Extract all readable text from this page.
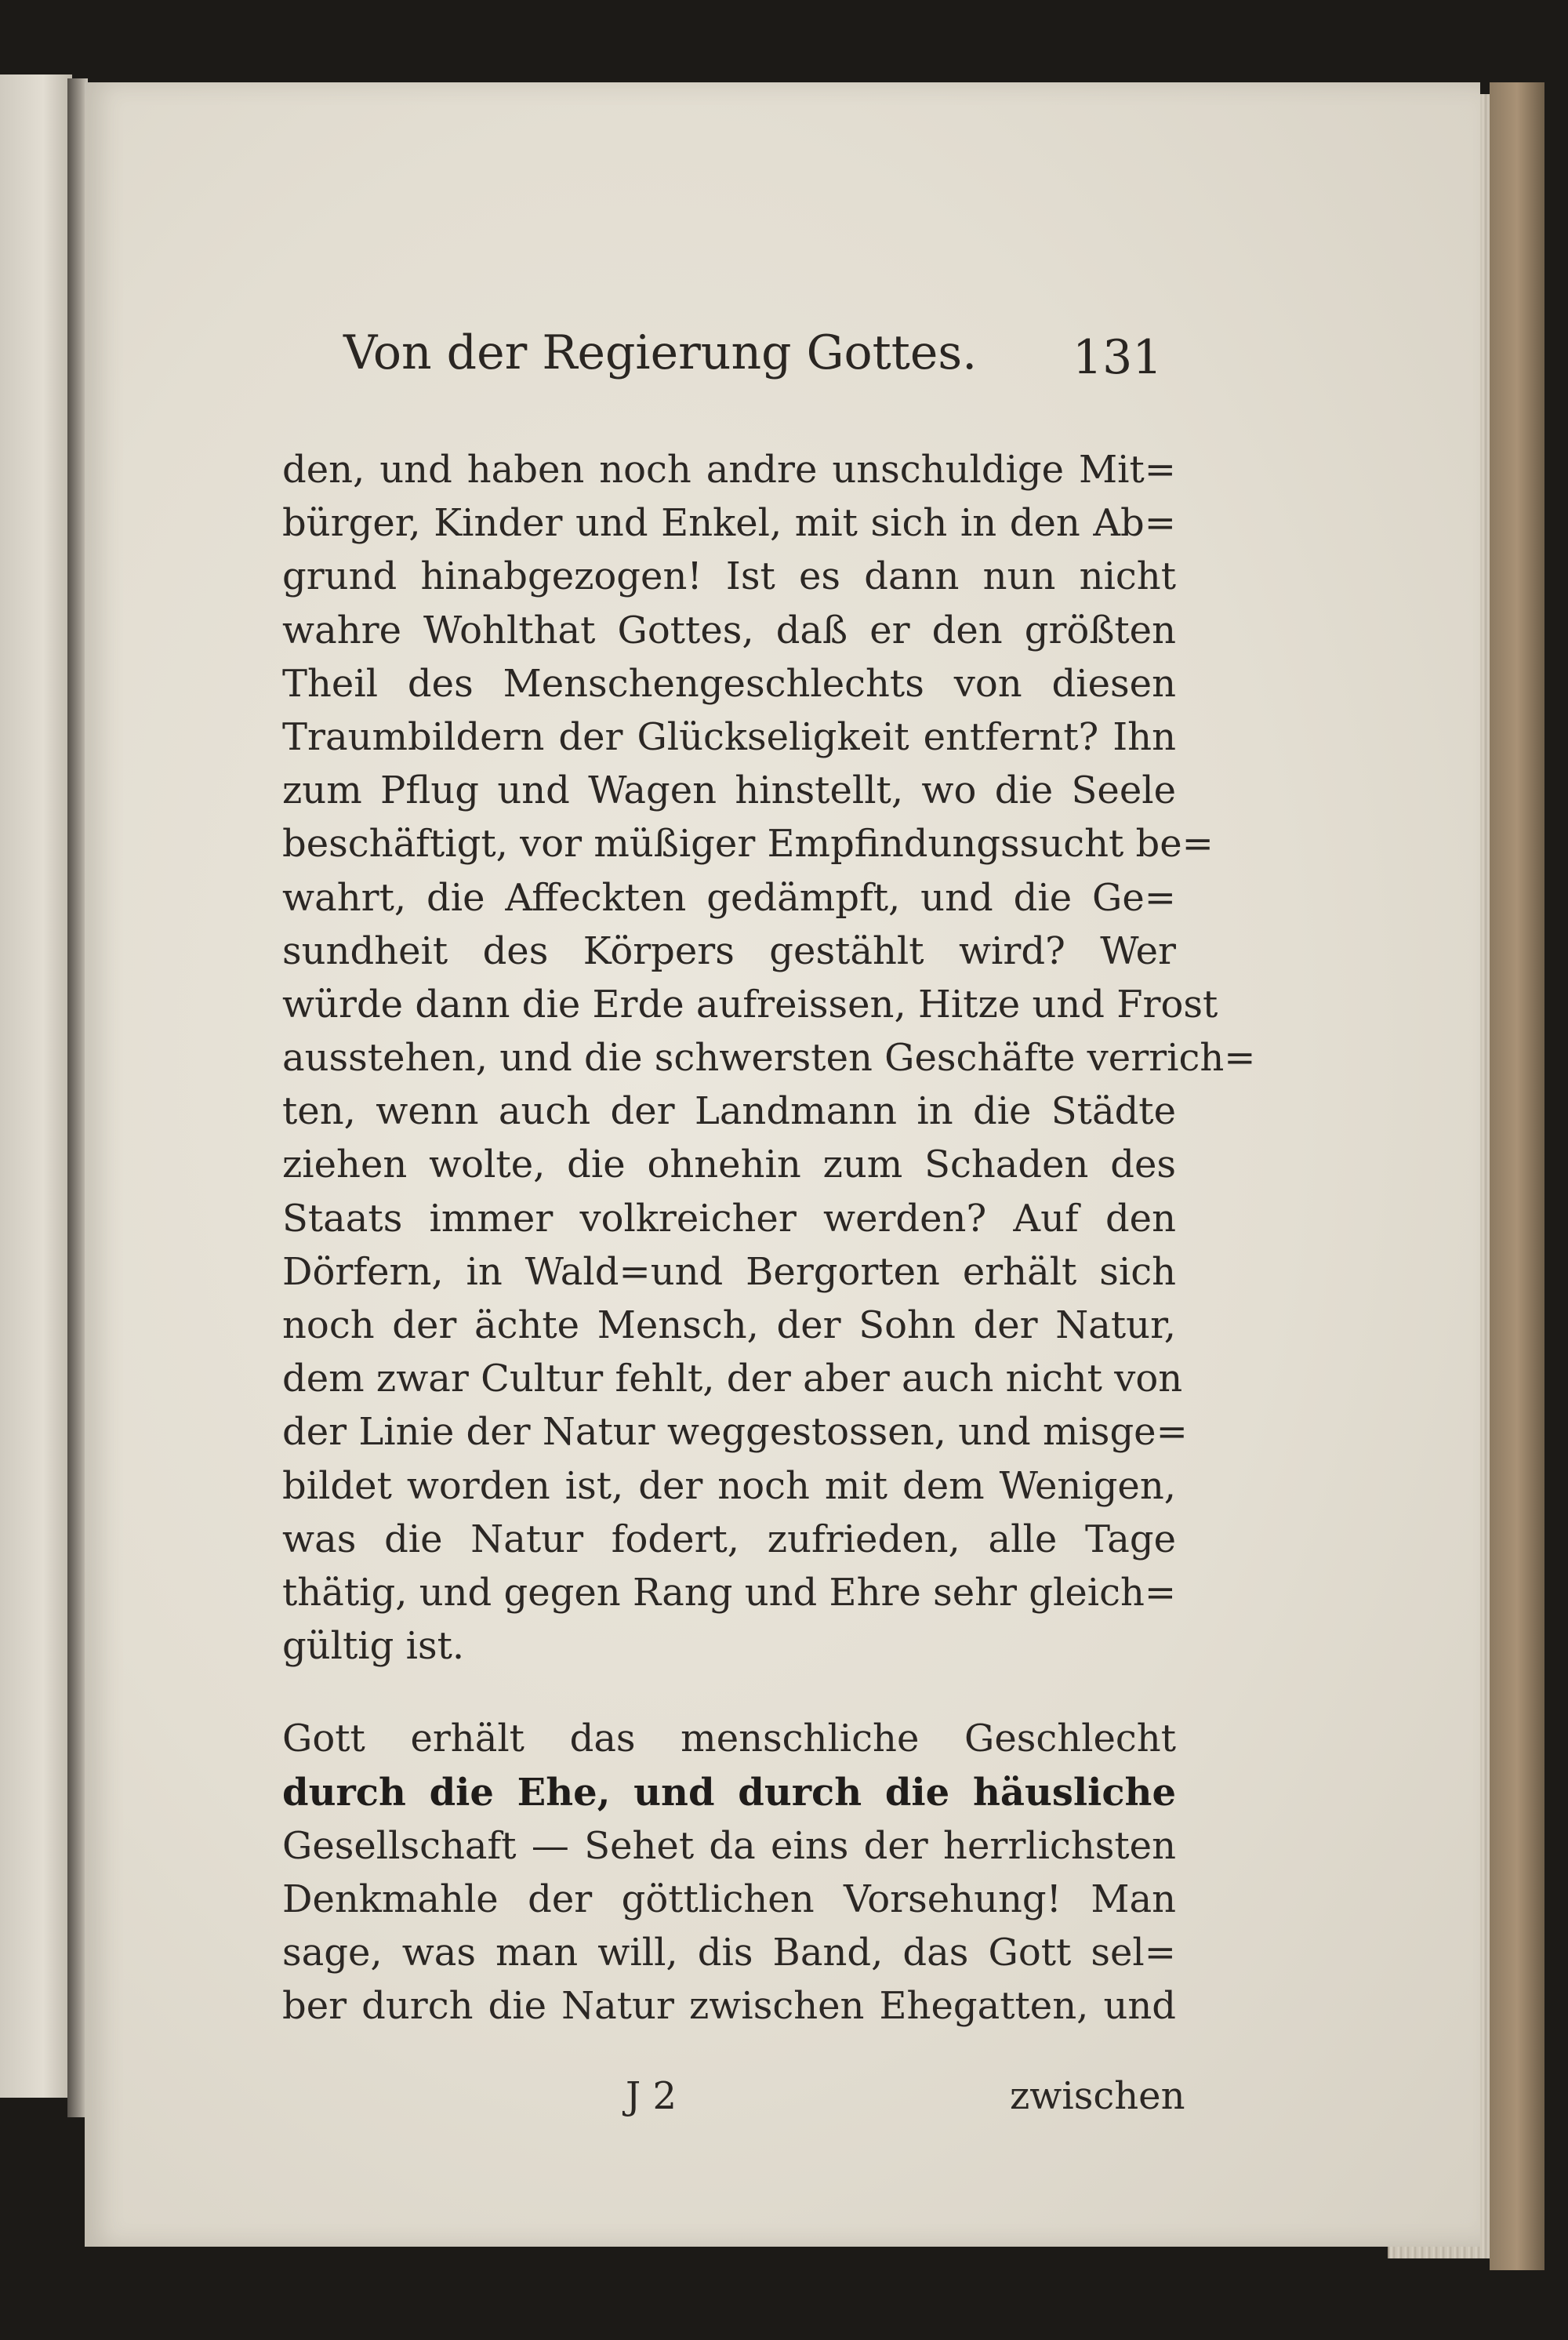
Von der Regierung Gottes. 131
den, und haben noch andre unschuldige Mit=
bürger, Kinder und Enkel, mit sich in den Ab=
grund hinabgezogen! Ist es dann nun nicht
wahre Wohlthat Gottes, daß er den größten
Theil des Menschengeschlechts von diesen
Traumbildern der Glückseligkeit entfernt? Ihn
zum Pflug und Wagen hinstellt, wo die Seele
beschäftigt, vor müßiger Empfindungssucht be=
wahrt, die Affeckten gedämpft, und die Ge=
sundheit des Körpers gestählt wird? Wer
würde dann die Erde aufreissen, Hitze und Frost
ausstehen, und die schwersten Geschäfte verrich=
ten, wenn auch der Landmann in die Städte
ziehen wolte, die ohnehin zum Schaden des
Staats immer volkreicher werden? Auf den
Dörfern, in Wald=und Bergorten erhält sich
noch der ächte Mensch, der Sohn der Natur,
dem zwar Cultur fehlt, der aber auch nicht von
der Linie der Natur weggestossen, und misge=
bildet worden ist, der noch mit dem Wenigen,
was die Natur fodert, zufrieden, alle Tage
thätig, und gegen Rang und Ehre sehr gleich=
gültig ist.
Gott erhält das menschliche Geschlecht
durch die Ehe, und durch die häusliche
Gesellschaft — Sehet da eins der herrlichsten
Denkmahle der göttlichen Vorsehung! Man
sage, was man will, dis Band, das Gott sel=
ber durch die Natur zwischen Ehegatten, und
J 2	zwischen
